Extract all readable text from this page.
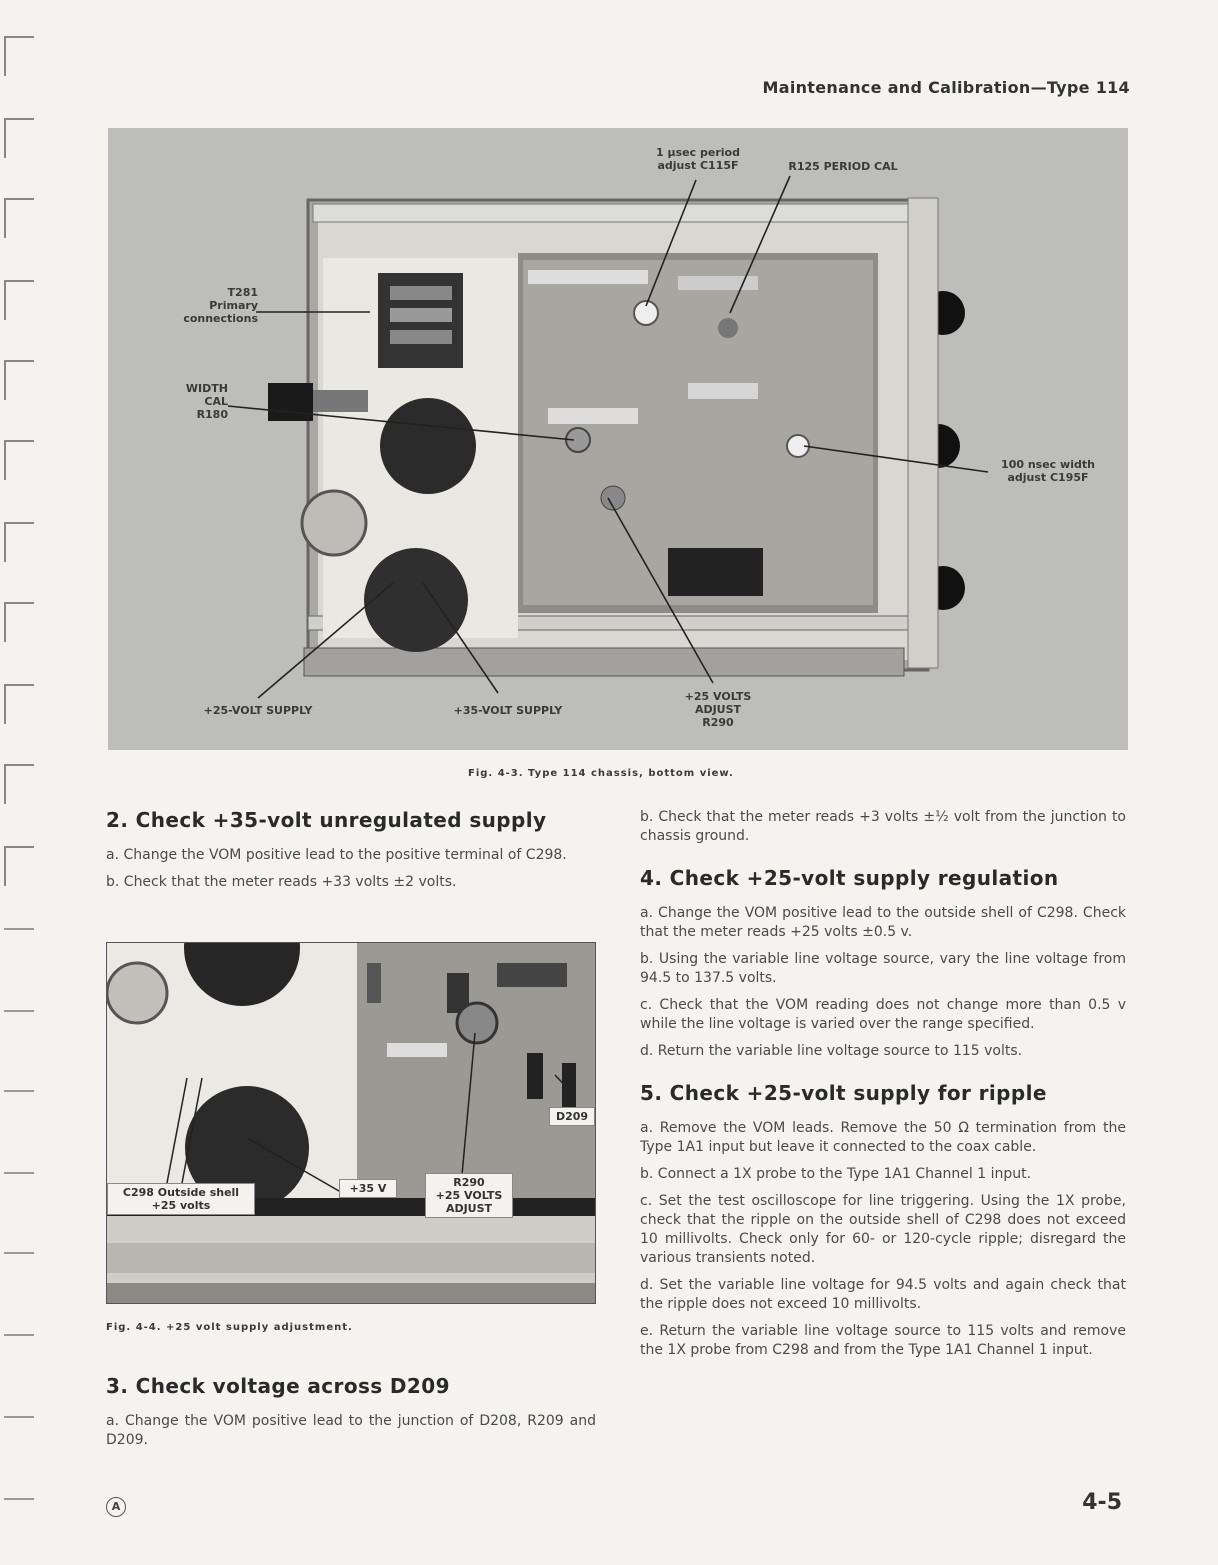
Maintenance and Calibration—Type 114
1 µsec period
adjust C115F	R125 PERIOD CAL
T281
Primary
connections
WIDTH
CAL
R180
100 nsec width
adjust C195F
+25-VOLT SUPPLY	+35-VOLT SUPPLY
+25 VOLTS
ADJUST
R290
Fig. 4-3. Type 114 chassis, bottom view.
2. Check +35-volt unregulated supply

a. Change the VOM positive lead to the positive terminal of C298.

b. Check that the meter reads +33 volts ±2 volts.

D209
C298 Outside shell
+25 volts
+35 V	R290
+25 VOLTS
ADJUST
Fig. 4-4. +25 volt supply adjustment.
3. Check voltage across D209

a. Change the VOM positive lead to the junction of D208, R209 and D209.

b. Check that the meter reads +3 volts ±½ volt from the junction to chassis ground.

4. Check +25-volt supply regulation

a. Change the VOM positive lead to the outside shell of C298. Check that the meter reads +25 volts ±0.5 v.

b. Using the variable line voltage source, vary the line voltage from 94.5 to 137.5 volts.

c. Check that the VOM reading does not change more than 0.5 v while the line voltage is varied over the range specified.

d. Return the variable line voltage source to 115 volts.

5. Check +25-volt supply for ripple

a. Remove the VOM leads. Remove the 50 Ω termination from the Type 1A1 input but leave it connected to the coax cable.

b. Connect a 1X probe to the Type 1A1 Channel 1 input.

c. Set the test oscilloscope for line triggering. Using the 1X probe, check that the ripple on the outside shell of C298 does not exceed 10 millivolts. Check only for 60- or 120-cycle ripple; disregard the various transients noted.

d. Set the variable line voltage for 94.5 volts and again check that the ripple does not exceed 10 millivolts.

e. Return the variable line voltage source to 115 volts and remove the 1X probe from C298 and from the Type 1A1 Channel 1 input.

A	4-5
